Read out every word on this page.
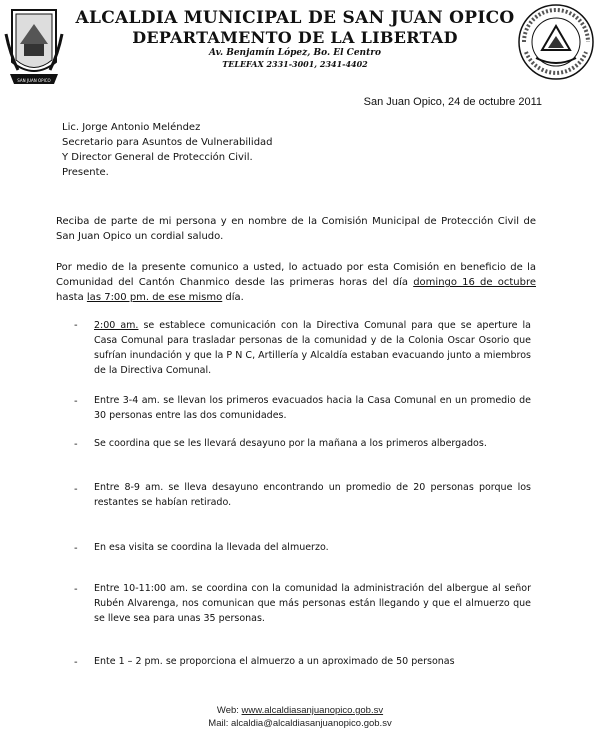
SAN JUAN OPICO
ALCALDIA MUNICIPAL DE SAN JUAN OPICO
DEPARTAMENTO DE LA LIBERTAD
Av. Benjamín López, Bo. El Centro
TELEFAX 2331-3001, 2341-4402
San Juan Opico, 24 de octubre 2011
Lic. Jorge Antonio Meléndez
Secretario para Asuntos de Vulnerabilidad
Y Director General de Protección Civil.
Presente.
Reciba de parte de mi persona y en nombre de la Comisión Municipal de Protección Civil de San Juan Opico un cordial saludo.
Por medio de la presente comunico a usted, lo actuado por esta Comisión en beneficio de la Comunidad del Cantón Chanmico desde las primeras horas del día domingo 16 de octubre hasta las 7:00 pm. de ese mismo día.
- 2:00 am. se establece comunicación con la Directiva Comunal para que se aperture la Casa Comunal para trasladar personas de la comunidad y de la Colonia Oscar Osorio que sufrían inundación y que la P N C, Artillería y Alcaldía estaban evacuando junto a miembros de la Directiva Comunal.
- Entre 3-4 am. se llevan los primeros evacuados hacia la Casa Comunal en un promedio de 30 personas entre las dos comunidades.
- Se coordina que se les llevará desayuno por la mañana a los primeros albergados.
- Entre 8-9 am. se lleva desayuno encontrando un promedio de 20 personas porque los restantes se habían retirado.
- En esa visita se coordina la llevada del almuerzo.
- Entre 10-11:00 am. se coordina con la comunidad la administración del albergue al señor Rubén Alvarenga, nos comunican que más personas están llegando y que el almuerzo que se lleve sea para unas 35 personas.
- Ente 1 – 2 pm. se proporciona el almuerzo a un aproximado de 50 personas
Web: www.alcaldiasanjuanopico.gob.sv
Mail: alcaldia@alcaldiasanjuanopico.gob.sv
